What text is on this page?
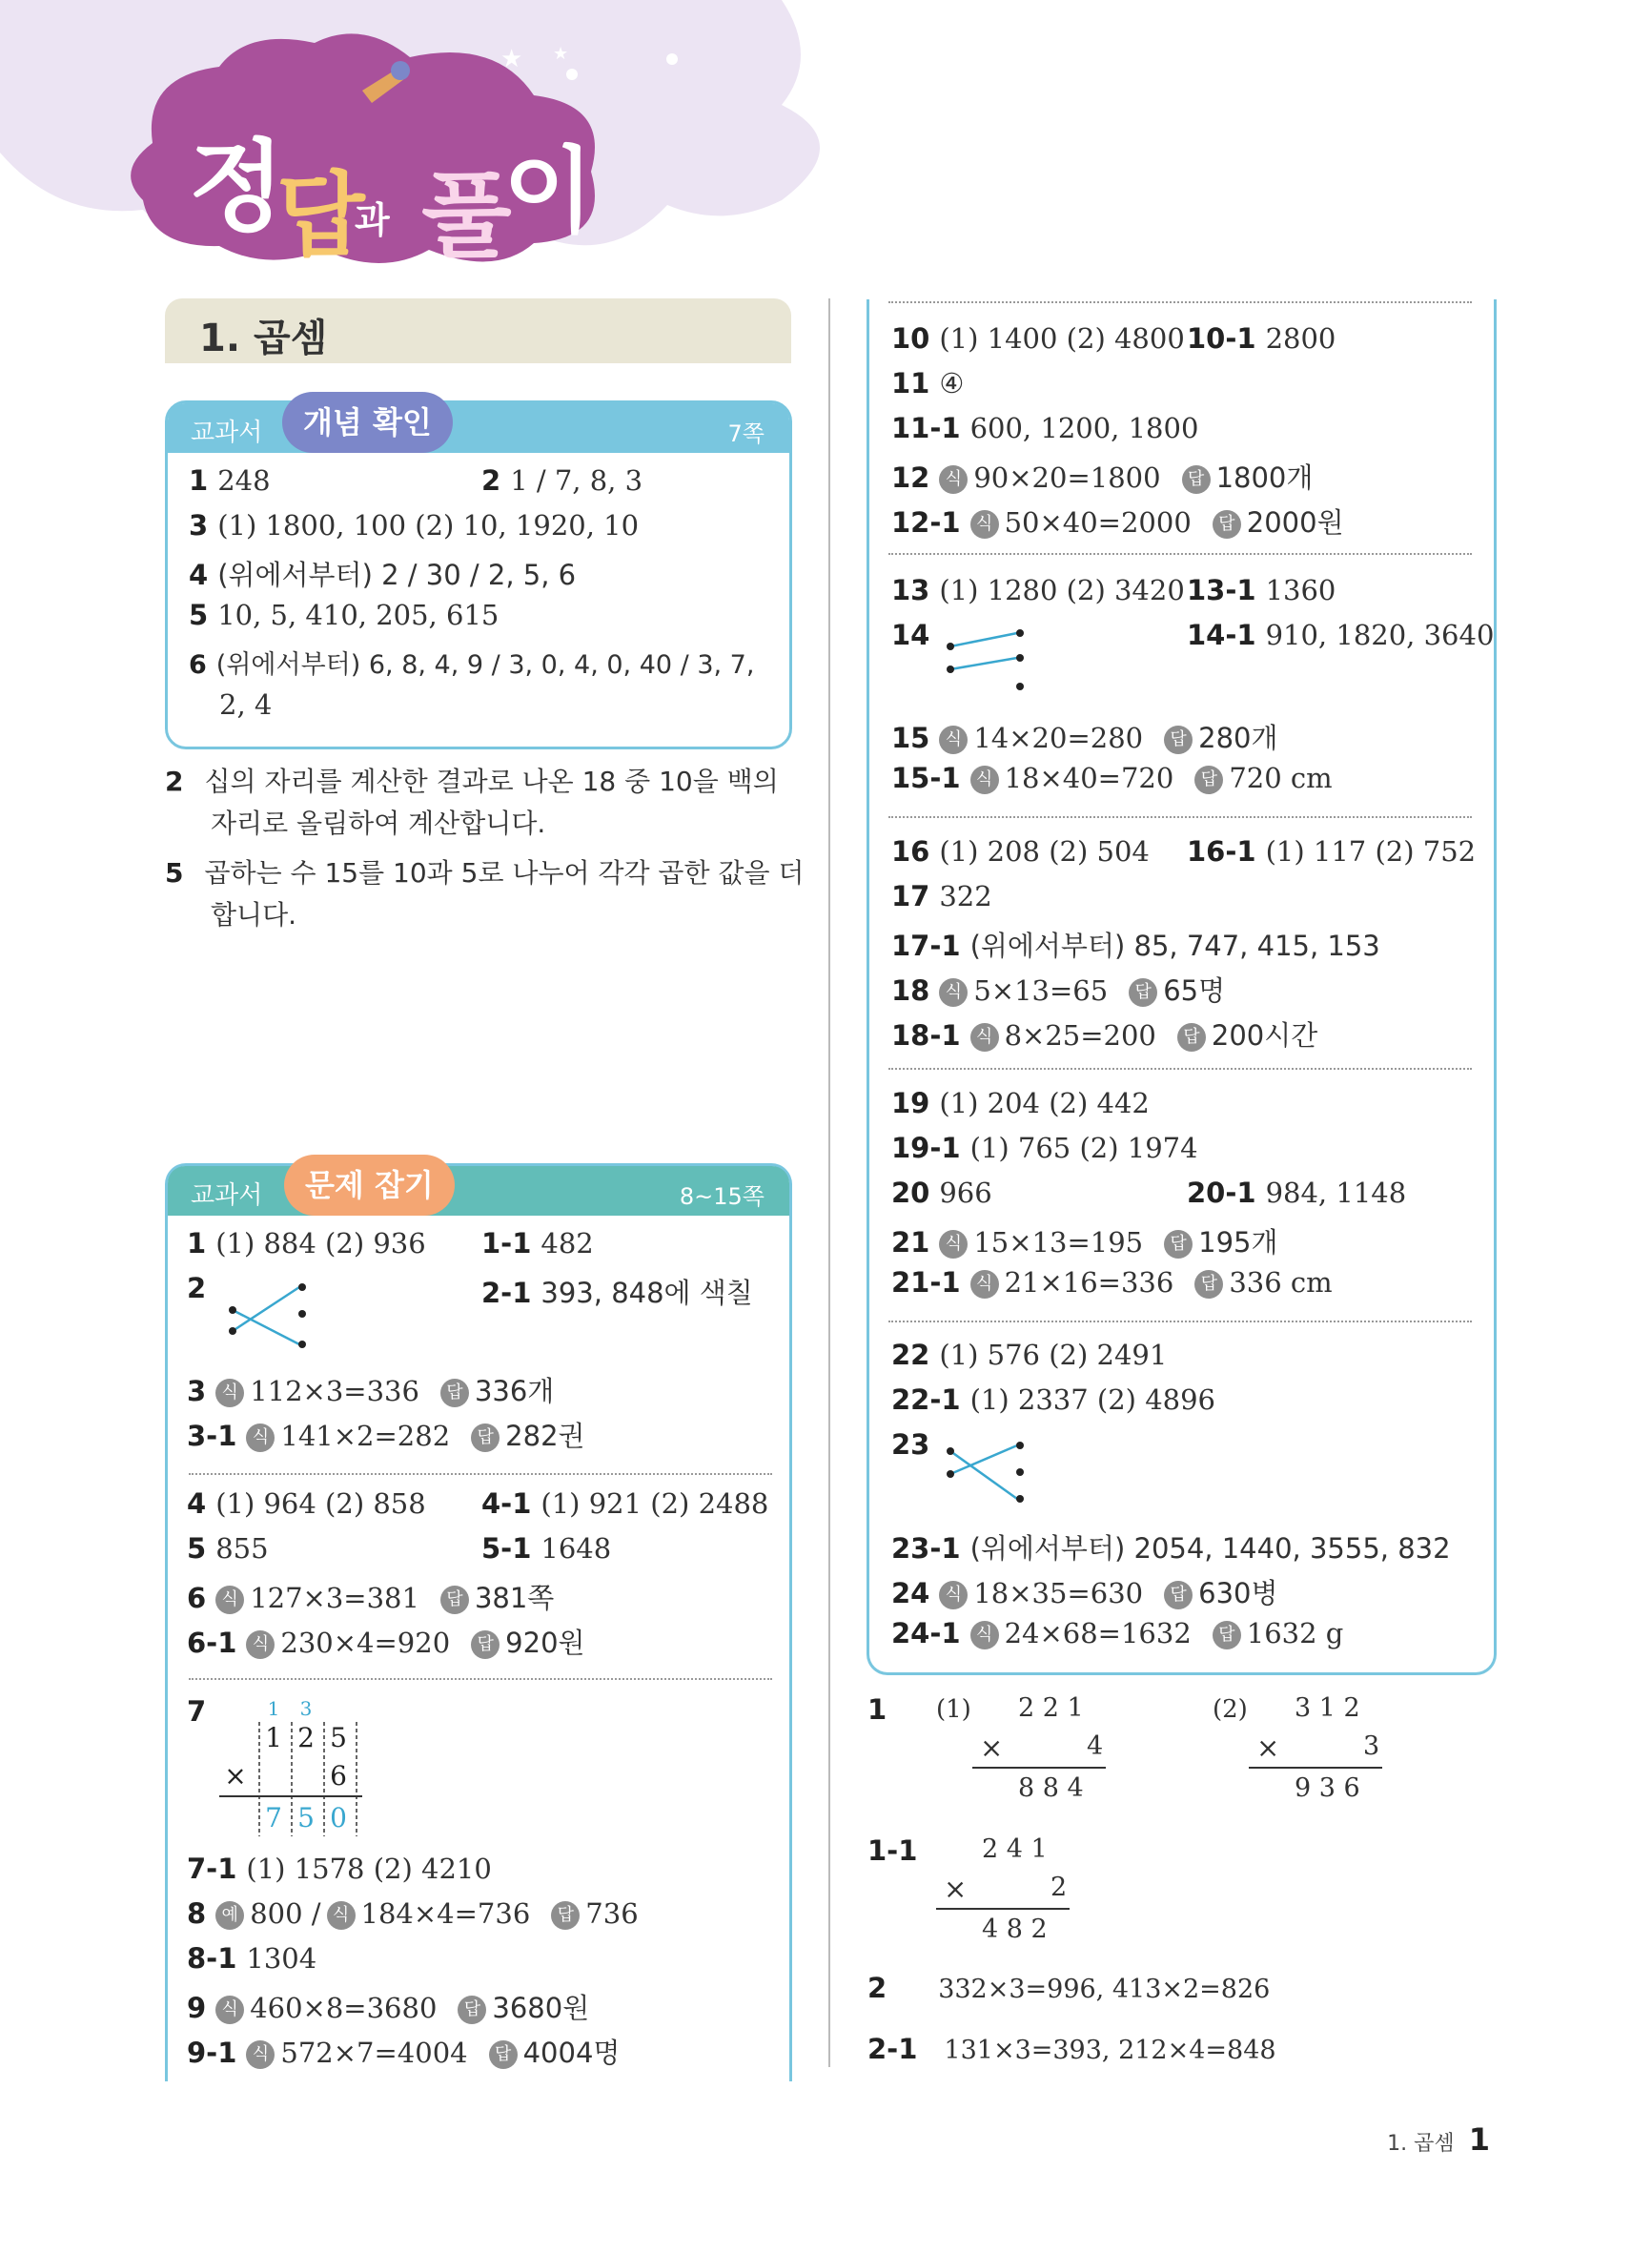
★ ★
정
답
과 풀
이
1. 곱셈
교과서	개념 확인	7쪽
1 248	2 1 / 7, 8, 3
3 (1) 1800, 100 (2) 10, 1920, 10
4 (위에서부터) 2 / 30 / 2, 5, 6
5 10, 5, 410, 205, 615
6 (위에서부터) 6, 8, 4, 9 / 3, 0, 4, 0, 40 / 3, 7,
2, 4
2 십의 자리를 계산한 결과로 나온 18 중 10을 백의
자리로 올림하여 계산합니다.
5 곱하는 수 15를 10과 5로 나누어 각각 곱한 값을 더
합니다.
교과서	문제 잡기	8~15쪽
1 (1) 884 (2) 936 1-1 482
2	2-1 393, 848에 색칠
3 식 112×3=336 답 336개
3-1 식 141×2=282 답 282권
4 (1) 964 (2) 858 4-1 (1) 921 (2) 2488
5 855	5-1 1648
6 식 127×3=381 답 381쪽
6-1 식 230×4=920 답 920원
7	1	3
1 2 5
×	6
7 5 0
7-1 (1) 1578 (2) 4210
8 예 800 / 식 184×4=736 답 736
8-1 1304
9 식 460×8=3680 답 3680원
9-1 식 572×7=4004 답 4004명
10 (1) 1400 (2) 4800 10-1 2800
11 ④
11-1 600, 1200, 1800
12 식 90×20=1800 답 1800개
12-1 식 50×40=2000 답 2000원
13 (1) 1280 (2) 3420 13-1 1360
14	14-1 910, 1820, 3640
15 식 14×20=280 답 280개
15-1 식 18×40=720 답 720 cm
16 (1) 208 (2) 504 16-1 (1) 117 (2) 752
17 322
17-1 (위에서부터) 85, 747, 415, 153
18 식 5×13=65 답 65명
18-1 식 8×25=200 답 200시간
19 (1) 204 (2) 442
19-1 (1) 765 (2) 1974
20 966	20-1 984, 1148
21 식 15×13=195 답 195개
21-1 식 21×16=336 답 336 cm
22 (1) 576 (2) 2491
22-1 (1) 2337 (2) 4896
23
23-1 (위에서부터) 2054, 1440, 3555, 832
24 식 18×35=630 답 630병
24-1 식 24×68=1632 답 1632 g
1	(1) 2 2 1
×	4
8 8 4
(2) 3 1 2
×	3
9 3 6
1-1	2 4 1
×	2
4 8 2
2 332×3=996, 413×2=826
2-1 131×3=393, 212×4=848
1. 곱셈 1
